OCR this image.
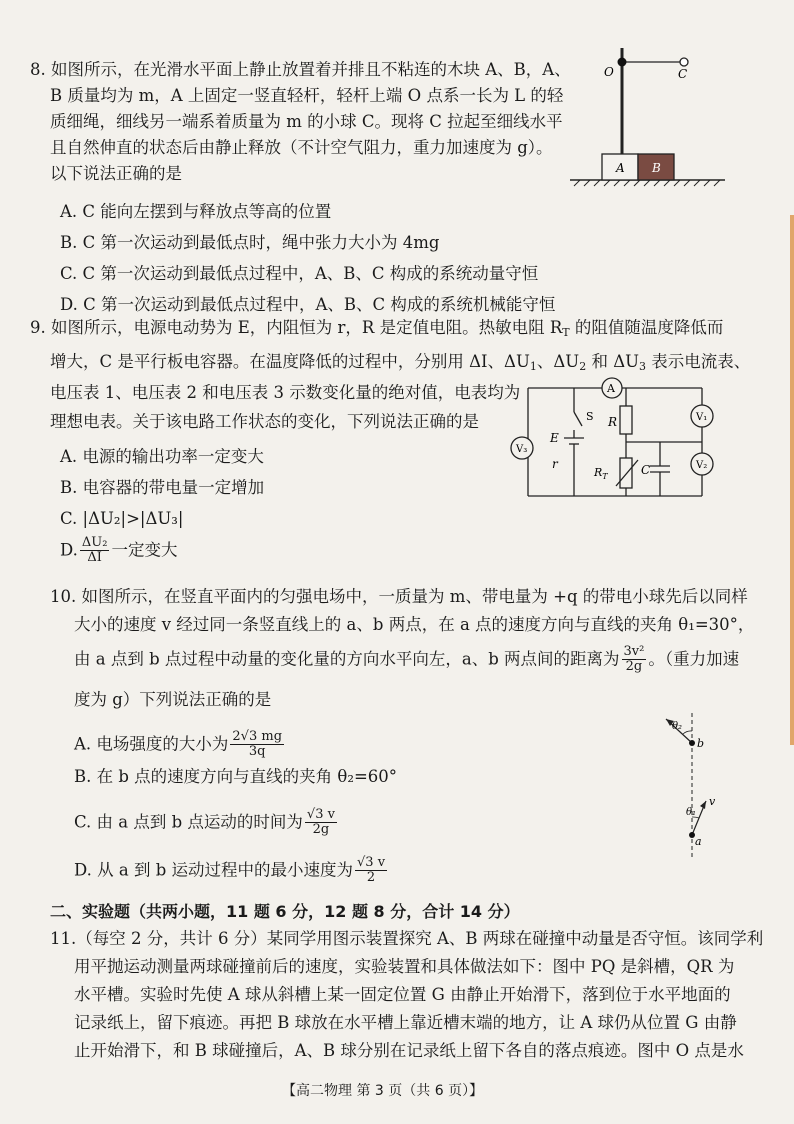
8. 如图所示，在光滑水平面上静止放置着并排且不粘连的木块 A、B，A、
B 质量均为 m，A 上固定一竖直轻杆，轻杆上端 O 点系一长为 L 的轻
质细绳，细线另一端系着质量为 m 的小球 C。现将 C 拉起至细线水平
且自然伸直的状态后由静止释放（不计空气阻力，重力加速度为 g）。
以下说法正确的是
A. C 能向左摆到与释放点等高的位置
B. C 第一次运动到最低点时，绳中张力大小为 4mg
C. C 第一次运动到最低点过程中，A、B、C 构成的系统动量守恒
D. C 第一次运动到最低点过程中，A、B、C 构成的系统机械能守恒
O	C
A B
9. 如图所示，电源电动势为 E，内阻恒为 r，R 是定值电阻。热敏电阻 RT 的阻值随温度降低而
增大，C 是平行板电容器。在温度降低的过程中，分别用 ΔI、ΔU1、ΔU2 和 ΔU3 表示电流表、
电压表 1、电压表 2 和电压表 3 示数变化量的绝对值，电表均为
理想电表。关于该电路工作状态的变化，下列说法正确的是
A. 电源的输出功率一定变大
B. 电容器的带电量一定增加
C. |ΔU₂|>|ΔU₃|
D. $\frac{\text{ΔU₂}}{\Delta I}$ 一定变大
V₃
A
V₁
V₂
S
E
r
R
$R_T$	C
10. 如图所示，在竖直平面内的匀强电场中，一质量为 m、带电量为 +q 的带电小球先后以同样
大小的速度 v 经过同一条竖直线上的 a、b 两点，在 a 点的速度方向与直线的夹角 θ₁=30°，
由 a 点到 b 点过程中动量的变化量的方向水平向左，a、b 两点间的距离为 $\frac{\text{3v²}}{2g}$ 。（重力加速
度为 g）下列说法正确的是
A. 电场强度的大小为 $\frac{2√3 mg}{3q}$
B. 在 b 点的速度方向与直线的夹角 θ₂=60°
C. 由 a 点到 b 点运动的时间为 $\frac{√3 v}{2g}$
D. 从 a 到 b 运动过程中的最小速度为 $\frac{√3 v}{2}$
θ₂
b
θ₁
v
a
二、实验题（共两小题，11 题 6 分，12 题 8 分，合计 14 分）
11.（每空 2 分，共计 6 分）某同学用图示装置探究 A、B 两球在碰撞中动量是否守恒。该同学利
用平抛运动测量两球碰撞前后的速度，实验装置和具体做法如下：图中 PQ 是斜槽，QR 为
水平槽。实验时先使 A 球从斜槽上某一固定位置 G 由静止开始滑下，落到位于水平地面的
记录纸上，留下痕迹。再把 B 球放在水平槽上靠近槽末端的地方，让 A 球仍从位置 G 由静
止开始滑下，和 B 球碰撞后，A、B 球分别在记录纸上留下各自的落点痕迹。图中 O 点是水
【高二物理 第 3 页（共 6 页）】
